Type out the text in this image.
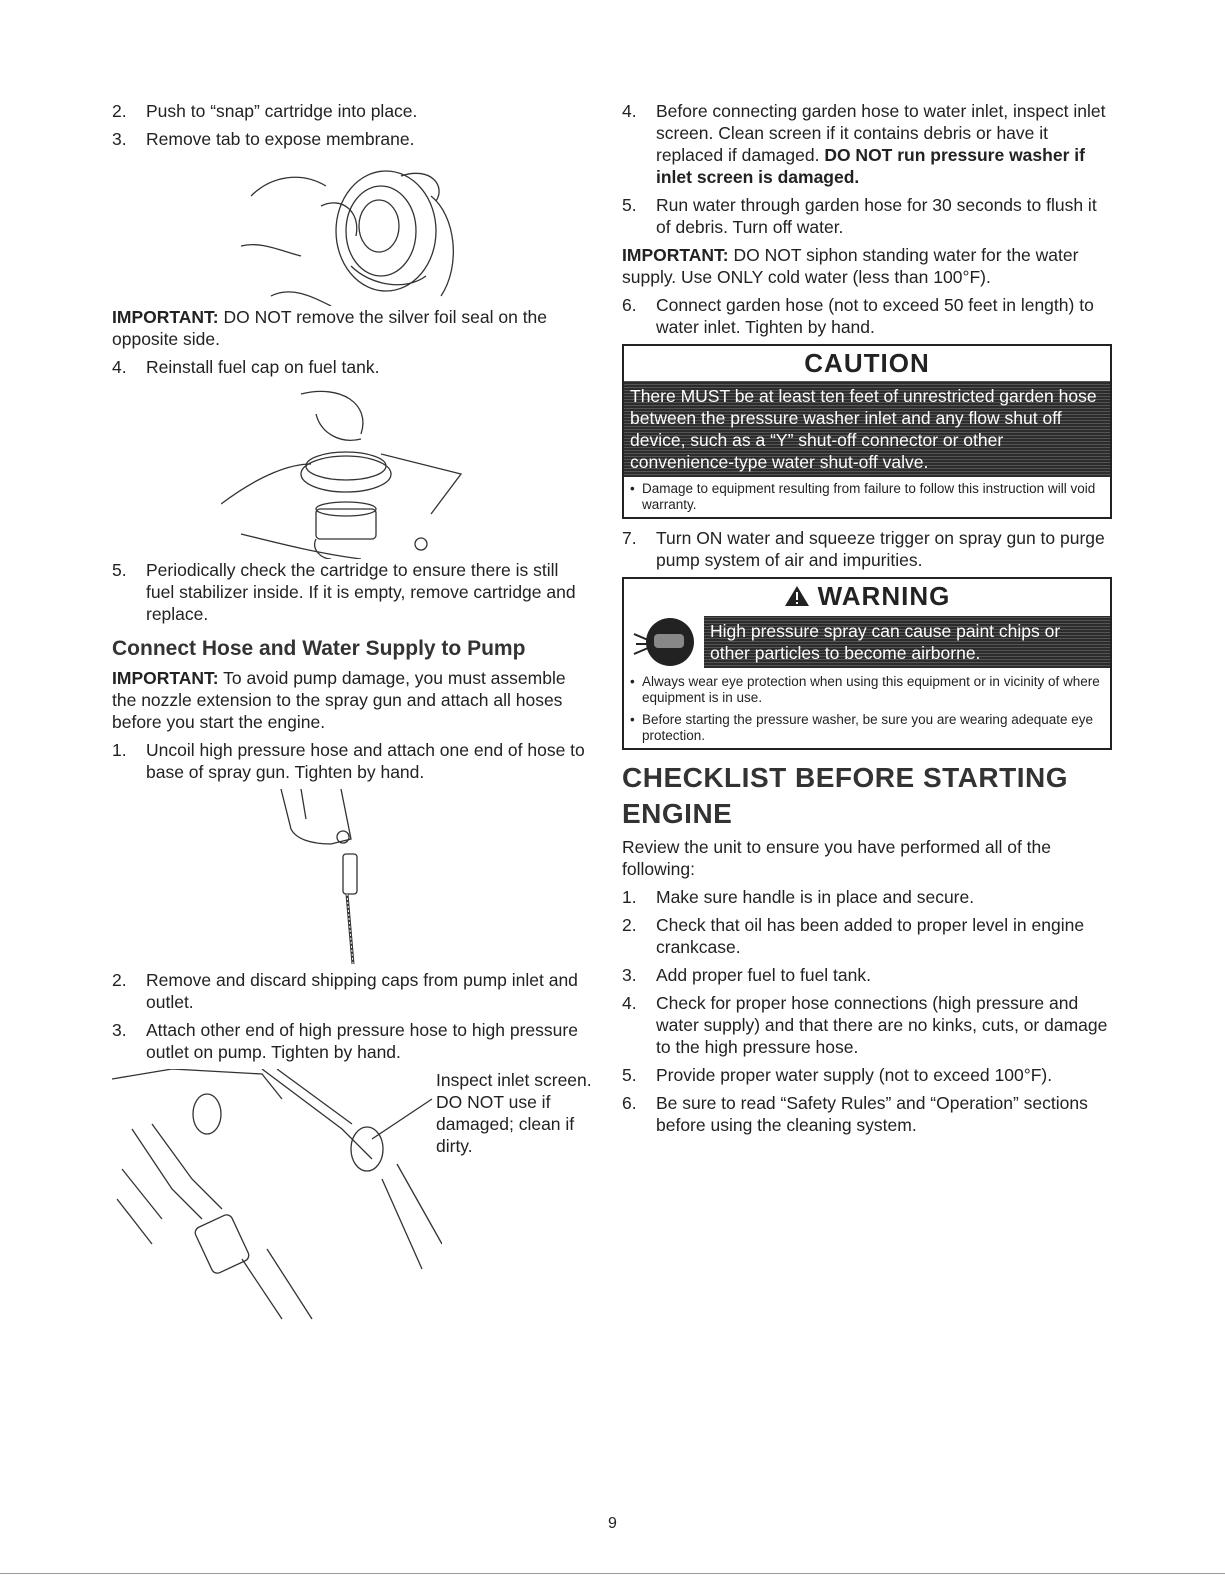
2. Push to “snap” cartridge into place.
3. Remove tab to expose membrane.
IMPORTANT: DO NOT remove the silver foil seal on the opposite side.
4. Reinstall fuel cap on fuel tank.
5. Periodically check the cartridge to ensure there is still fuel stabilizer inside. If it is empty, remove cartridge and replace.
Connect Hose and Water Supply to Pump
IMPORTANT: To avoid pump damage, you must assemble the nozzle extension to the spray gun and attach all hoses before you start the engine.
1. Uncoil high pressure hose and attach one end of hose to base of spray gun. Tighten by hand.
2. Remove and discard shipping caps from pump inlet and outlet.
3. Attach other end of high pressure hose to high pressure outlet on pump. Tighten by hand.
Inspect inlet screen. DO NOT use if damaged; clean if dirty.
4. Before connecting garden hose to water inlet, inspect inlet screen. Clean screen if it contains debris or have it replaced if damaged. DO NOT run pressure washer if inlet screen is damaged.
5. Run water through garden hose for 30 seconds to flush it of debris. Turn off water.
IMPORTANT: DO NOT siphon standing water for the water supply. Use ONLY cold water (less than 100°F).
6. Connect garden hose (not to exceed 50 feet in length) to water inlet. Tighten by hand.
CAUTION
There MUST be at least ten feet of unrestricted garden hose between the pressure washer inlet and any flow shut off device, such as a “Y” shut-off connector or other convenience-type water shut-off valve.
• Damage to equipment resulting from failure to follow this instruction will void warranty.
7. Turn ON water and squeeze trigger on spray gun to purge pump system of air and impurities.
WARNING
High pressure spray can cause paint chips or other particles to become airborne.
• Always wear eye protection when using this equipment or in vicinity of where equipment is in use.
• Before starting the pressure washer, be sure you are wearing adequate eye protection.
CHECKLIST BEFORE STARTING ENGINE
Review the unit to ensure you have performed all of the following:
1. Make sure handle is in place and secure.
2. Check that oil has been added to proper level in engine crankcase.
3. Add proper fuel to fuel tank.
4. Check for proper hose connections (high pressure and water supply) and that there are no kinks, cuts, or damage to the high pressure hose.
5. Provide proper water supply (not to exceed 100°F).
6. Be sure to read “Safety Rules” and “Operation” sections before using the cleaning system.
9
